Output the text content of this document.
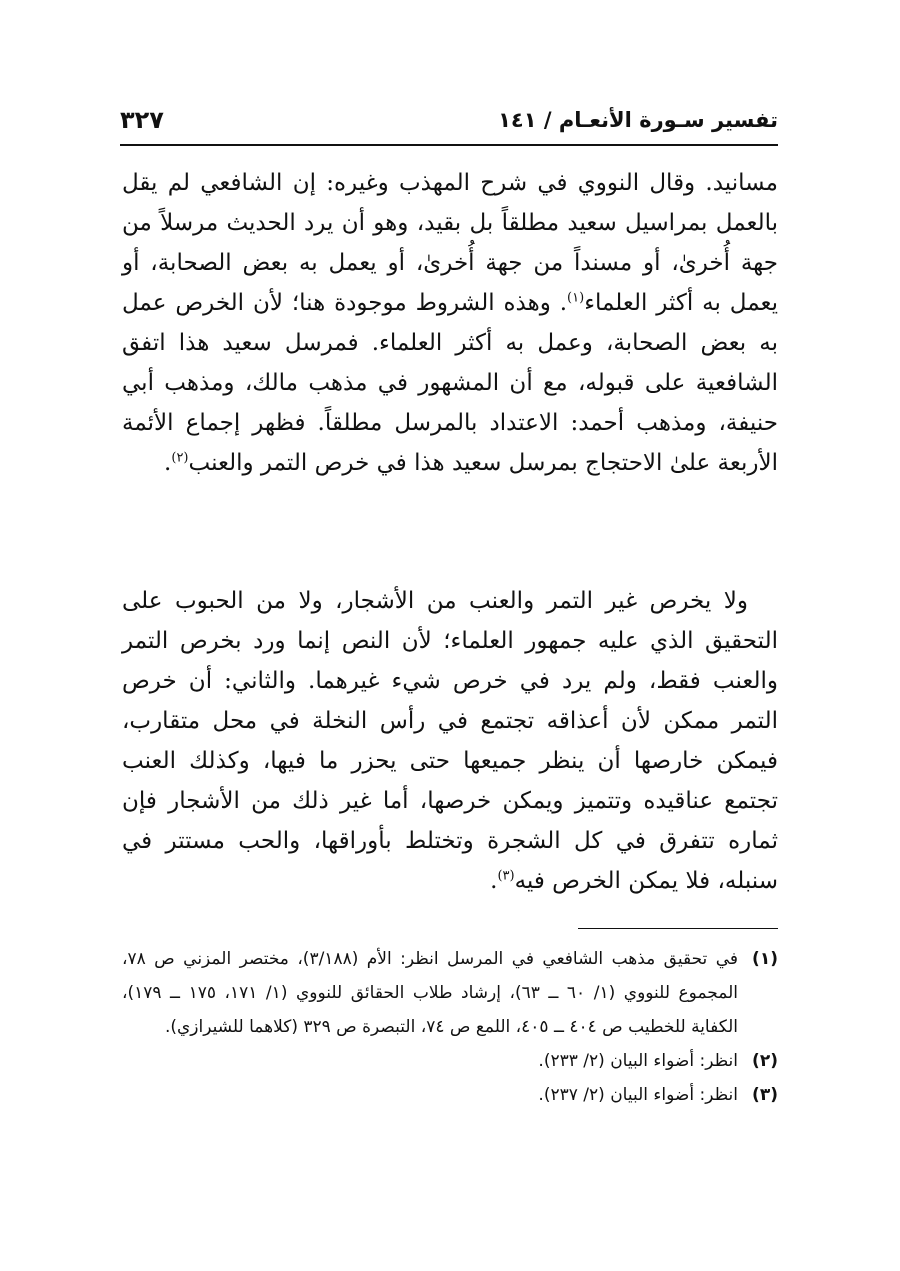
تفسير سـورة الأنعـام / ١٤١
٣٢٧

مسانيد. وقال النووي في شرح المهذب وغيره: إن الشافعي لم يقل بالعمل بمراسيل سعيد مطلقاً بل بقيد، وهو أن يرد الحديث مرسلاً من جهة أُخرىٰ، أو مسنداً من جهة أُخرىٰ، أو يعمل به بعض الصحابة، أو يعمل به أكثر العلماء$^{(١)}$. وهذه الشروط موجودة هنا؛ لأن الخرص عمل به بعض الصحابة، وعمل به أكثر العلماء. فمرسل سعيد هذا اتفق الشافعية على قبوله، مع أن المشهور في مذهب مالك، ومذهب أبي حنيفة، ومذهب أحمد: الاعتداد بالمرسل مطلقاً. فظهر إجماع الأئمة الأربعة علىٰ الاحتجاج بمرسل سعيد هذا في خرص التمر والعنب$^{(٢)}$.

ولا يخرص غير التمر والعنب من الأشجار، ولا من الحبوب على التحقيق الذي عليه جمهور العلماء؛ لأن النص إنما ورد بخرص التمر والعنب فقط، ولم يرد في خرص شيء غيرهما. والثاني: أن خرص التمر ممكن لأن أعذاقه تجتمع في رأس النخلة في محل متقارب، فيمكن خارصها أن ينظر جميعها حتى يحزر ما فيها، وكذلك العنب تجتمع عناقيده وتتميز ويمكن خرصها، أما غير ذلك من الأشجار فإن ثماره تتفرق في كل الشجرة وتختلط بأوراقها، والحب مستتر في سنبله، فلا يمكن الخرص فيه$^{(٣)}$.

(١)
في تحقيق مذهب الشافعي في المرسل انظر: الأم (٣/١٨٨)، مختصر المزني ص ٧٨، المجموع للنووي (١/ ٦٠ ــ ٦٣)، إرشاد طلاب الحقائق للنووي (١/ ١٧١، ١٧٥ ــ ١٧٩)، الكفاية للخطيب ص ٤٠٤ ــ ٤٠٥، اللمع ص ٧٤، التبصرة ص ٣٢٩ (كلاهما للشيرازي).
(٢)
انظر: أضواء البيان (٢/ ٢٣٣).
(٣)
انظر: أضواء البيان (٢/ ٢٣٧).
